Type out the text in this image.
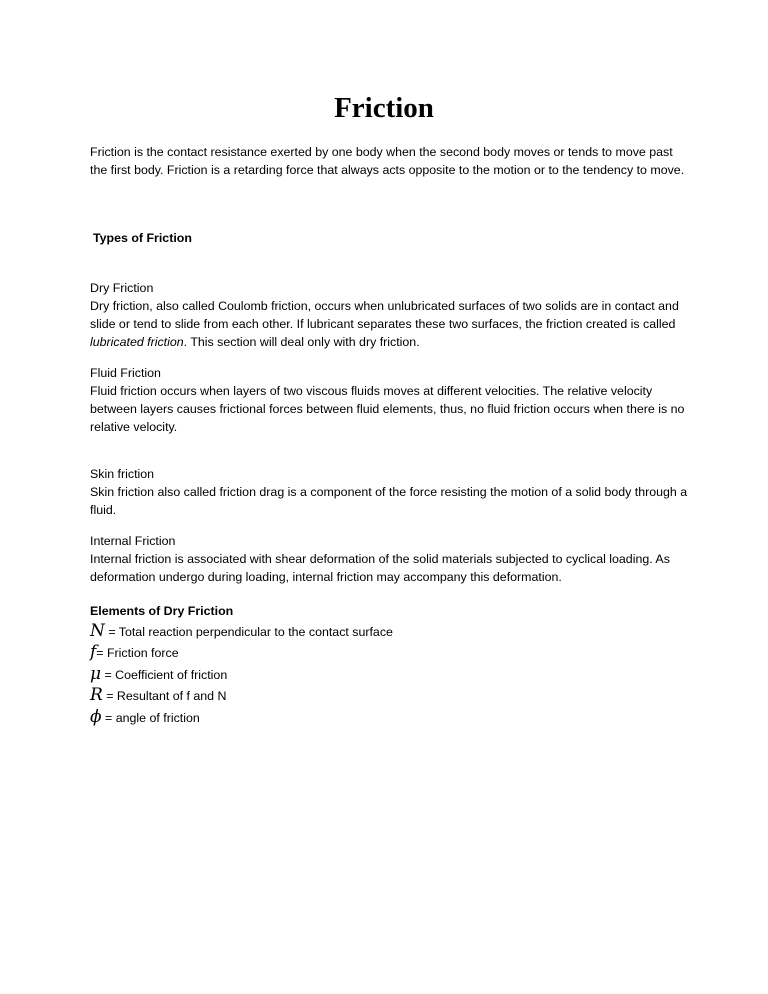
Friction

Friction is the contact resistance exerted by one body when the second body moves or tends to move past the first body. Friction is a retarding force that always acts opposite to the motion or to the tendency to move.

Types of Friction

Dry Friction

Dry friction, also called Coulomb friction, occurs when unlubricated surfaces of two solids are in contact and slide or tend to slide from each other. If lubricant separates these two surfaces, the friction created is called lubricated friction. This section will deal only with dry friction.

Fluid Friction

Fluid friction occurs when layers of two viscous fluids moves at different velocities. The relative velocity between layers causes frictional forces between fluid elements, thus, no fluid friction occurs when there is no relative velocity.

Skin friction

Skin friction also called friction drag is a component of the force resisting the motion of a solid body through a fluid.

Internal Friction

Internal friction is associated with shear deformation of the solid materials subjected to cyclical loading. As deformation undergo during loading, internal friction may accompany this deformation.

Elements of Dry Friction

N = Total reaction perpendicular to the contact surface
f= Friction force
μ = Coefficient of friction
R = Resultant of f and N
ϕ = angle of friction
